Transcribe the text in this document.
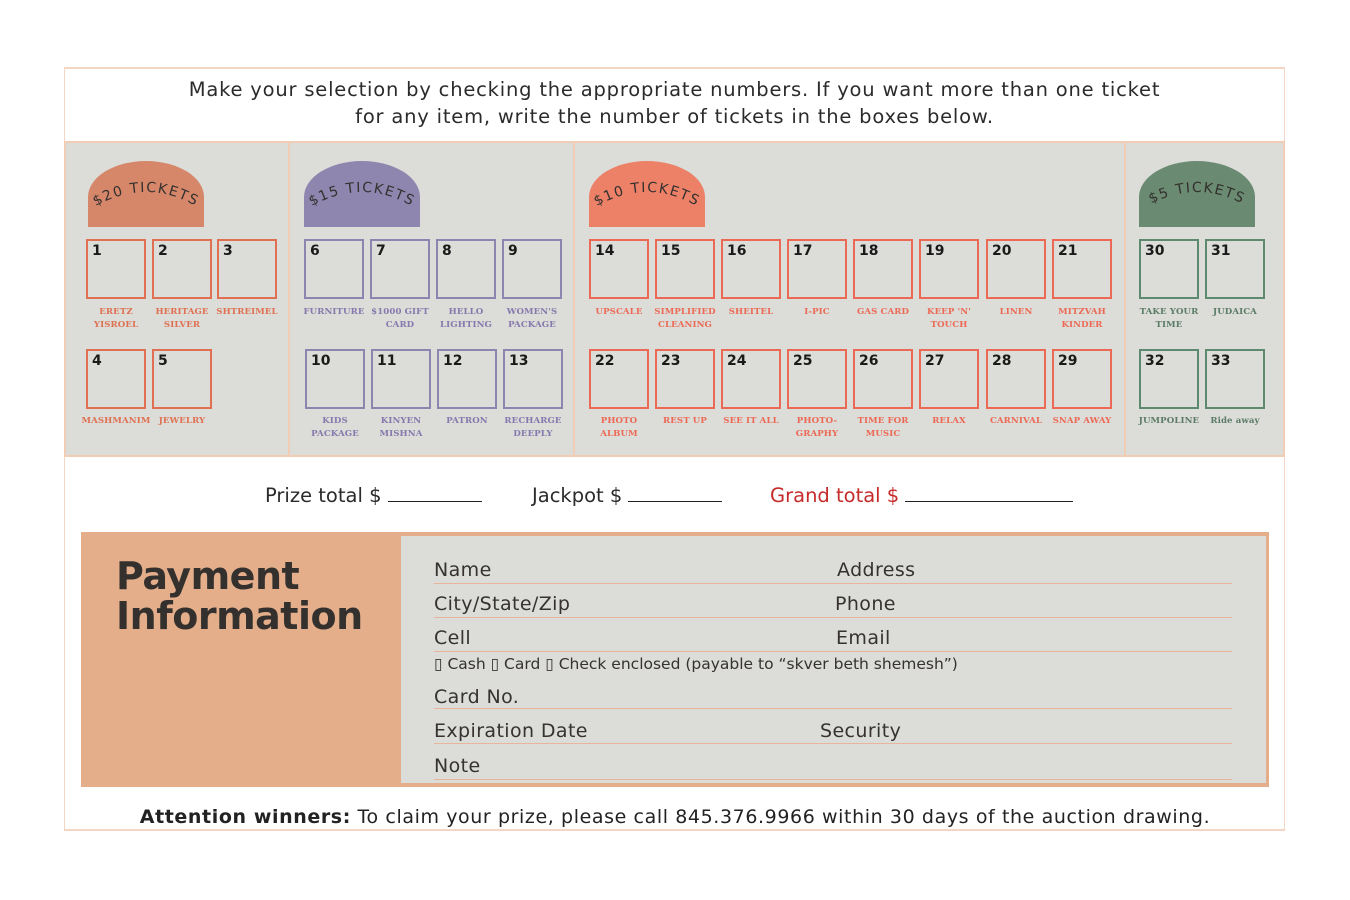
Make your selection by checking the appropriate numbers. If you want more than one ticket
for any item, write the number of tickets in the boxes below.
$20 TICKETS
1	2	3
ERETZ YISROEL
HERITAGE SILVER
SHTREIMEL
4	5
MASHMANIM JEWELRY
$15 TICKETS
6	7	8	9
FURNITURE $1000 GIFT CARD
HELLO LIGHTING
WOMEN'S PACKAGE
10	11	12	13
KIDS PACKAGE
KINYEN MISHNA
PATRON	RECHARGE DEEPLY
$10 TICKETS
14	15	16	17	18	19	20	21
UPSCALE	SIMPLIFIED CLEANING
SHEITEL	I-PIC	GAS CARD	KEEP 'N' TOUCH
LINEN	MITZVAH KINDER
22	23	24	25	26	27	28	29
PHOTO ALBUM
REST UP	SEE IT ALL	PHOTO-GRAPHY
TIME FOR MUSIC
RELAX	CARNIVAL	SNAP AWAY
$5 TICKETS
30	31
TAKE YOUR TIME
JUDAICA
32	33
JUMPOLINE	Ride away
Prize total $	Jackpot $	Grand total $
Payment
Information
Name	Address
City/State/Zip	Phone
Cell	Email
▯ Cash ▯ Card ▯ Check enclosed (payable to “skver beth shemesh”)
Card No.
Expiration Date	Security
Note
Attention winners: To claim your prize, please call 845.376.9966 within 30 days of the auction drawing.
